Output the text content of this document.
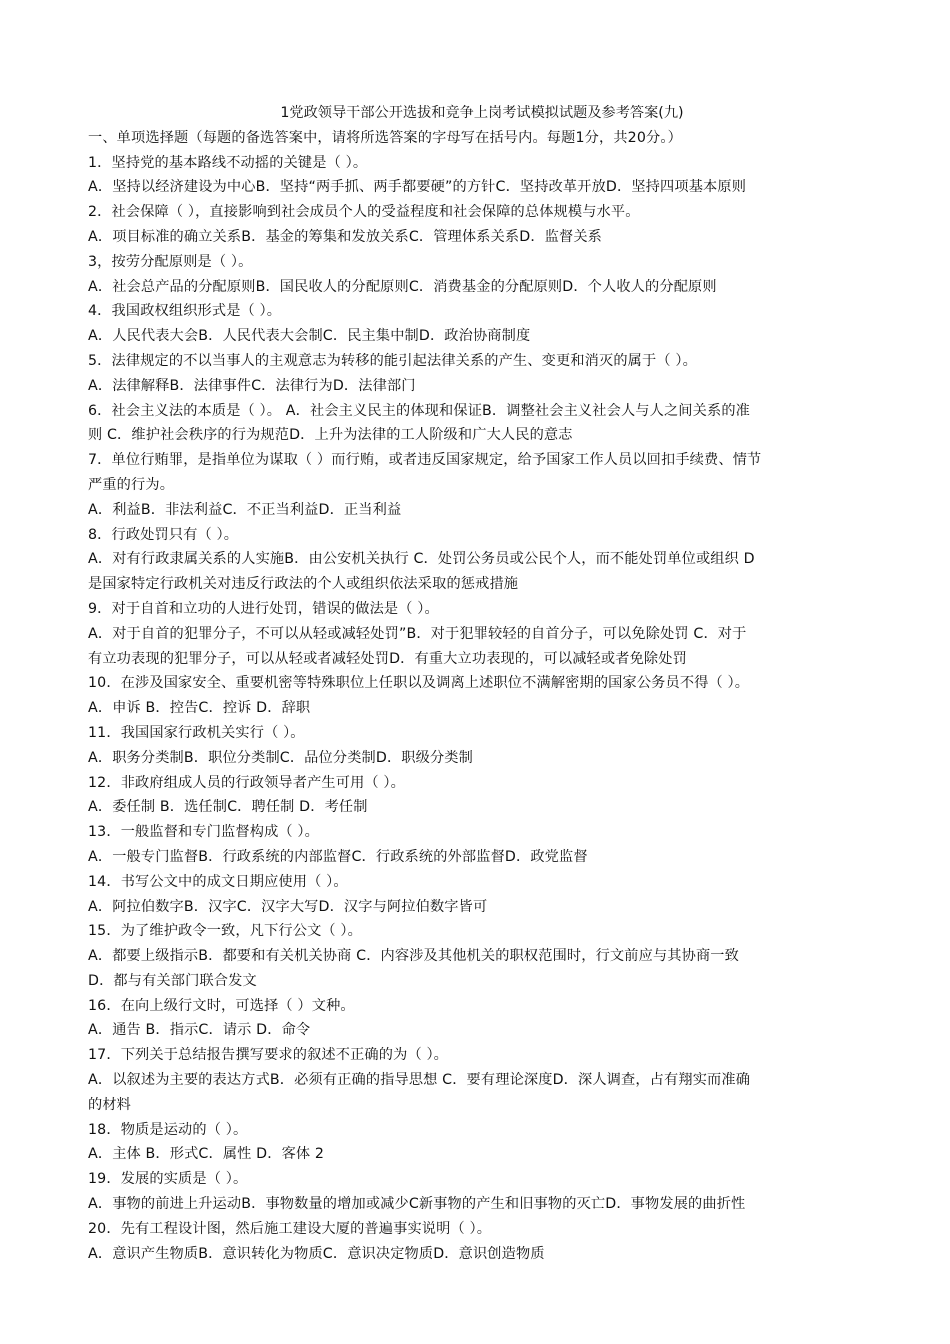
1党政领导干部公开选拔和竞争上岗考试模拟试题及参考答案(九)
一、单项选择题（每题的备选答案中，请将所选答案的字母写在括号内。每题1分，共20分。）
1．坚持党的基本路线不动摇的关键是（ ）。
A．坚持以经济建设为中心B．坚持“两手抓、两手都要硬”的方针C．坚持改革开放D．坚持四项基本原则
2．社会保障（ ），直接影响到社会成员个人的受益程度和社会保障的总体规模与水平。
A．项目标准的确立关系B．基金的筹集和发放关系C．管理体系关系D．监督关系
3，按劳分配原则是（ ）。
A．社会总产品的分配原则B．国民收人的分配原则C．消费基金的分配原则D．个人收人的分配原则
4．我国政权组织形式是（ ）。
A．人民代表大会B．人民代表大会制C．民主集中制D．政治协商制度
5．法律规定的不以当事人的主观意志为转移的能引起法律关系的产生、变更和消灭的属于（ ）。
A．法律解释B．法律事件C．法律行为D．法律部门
6．社会主义法的本质是（ ）。 A．社会主义民主的体现和保证B．调整社会主义社会人与人之间关系的准
则 C．维护社会秩序的行为规范D．上升为法律的工人阶级和广大人民的意志
7．单位行贿罪，是指单位为谋取（ ）而行贿，或者违反国家规定，给予国家工作人员以回扣手续费、情节
严重的行为。
A．利益B．非法利益C．不正当利益D．正当利益
8．行政处罚只有（ ）。
A．对有行政隶属关系的人实施B．由公安机关执行 C．处罚公务员或公民个人，而不能处罚单位或组织 D
是国家特定行政机关对违反行政法的个人或组织依法采取的惩戒措施
9．对于自首和立功的人进行处罚，错误的做法是（ ）。
A．对于自首的犯罪分子，不可以从轻或减轻处罚”B．对于犯罪较轻的自首分子，可以免除处罚 C．对于
有立功表现的犯罪分子，可以从轻或者减轻处罚D．有重大立功表现的，可以减轻或者免除处罚
10．在涉及国家安全、重要机密等特殊职位上任职以及调离上述职位不满解密期的国家公务员不得（ ）。
A．申诉 B．控告C．控诉 D．辞职
11．我国国家行政机关实行（ ）。
A．职务分类制B．职位分类制C．品位分类制D．职级分类制
12．非政府组成人员的行政领导者产生可用（ ）。
A．委任制 B．选任制C．聘任制 D．考任制
13．一般监督和专门监督构成（ ）。
A．一般专门监督B．行政系统的内部监督C．行政系统的外部监督D．政党监督
14．书写公文中的成文日期应使用（ ）。
A．阿拉伯数字B．汉字C．汉字大写D．汉字与阿拉伯数字皆可
15．为了维护政令一致，凡下行公文（ ）。
A．都要上级指示B．都要和有关机关协商 C．内容涉及其他机关的职权范围时，行文前应与其协商一致
D．都与有关部门联合发文
16．在向上级行文时，可选择（ ）文种。
A．通告 B．指示C．请示 D．命令
17．下列关于总结报告撰写要求的叙述不正确的为（ ）。
A．以叙述为主要的表达方式B．必须有正确的指导思想 C．要有理论深度D．深人调查，占有翔实而准确
的材料
18．物质是运动的（ ）。
A．主体 B．形式C．属性 D．客体 2
19．发展的实质是（ ）。
A．事物的前进上升运动B．事物数量的增加或减少C新事物的产生和旧事物的灭亡D．事物发展的曲折性
20．先有工程设计图，然后施工建设大厦的普遍事实说明（ ）。
A．意识产生物质B．意识转化为物质C．意识决定物质D．意识创造物质
